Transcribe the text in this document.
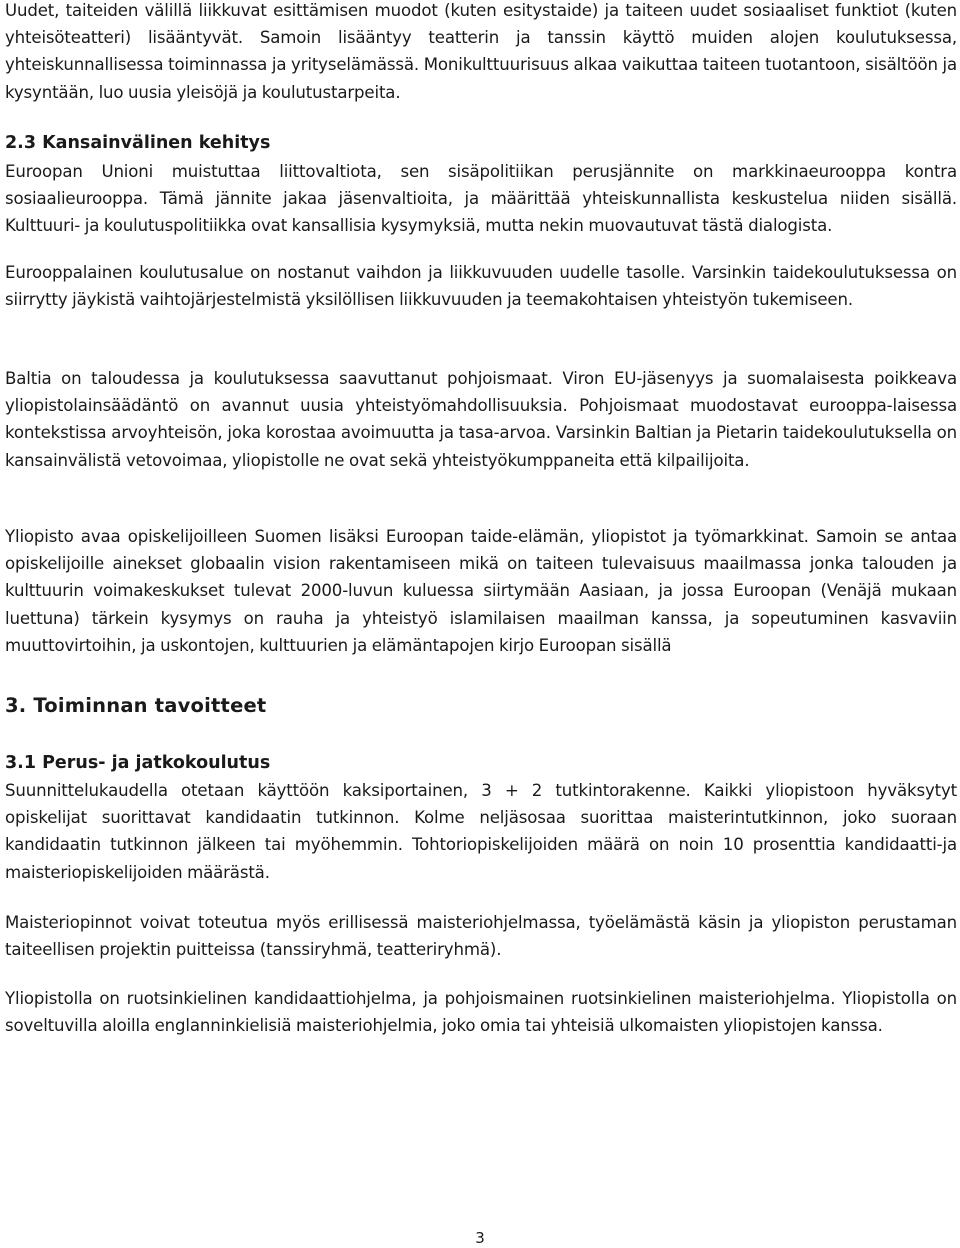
Uudet, taiteiden välillä liikkuvat esittämisen muodot (kuten esitystaide) ja taiteen uudet sosiaaliset funktiot (kuten yhteisöteatteri) lisääntyvät. Samoin lisääntyy teatterin ja tanssin käyttö muiden alojen koulutuksessa, yhteiskunnallisessa toiminnassa ja yrityselämässä. Monikulttuurisuus alkaa vaikuttaa taiteen tuotantoon, sisältöön ja kysyntään, luo uusia yleisöjä ja koulutustarpeita.

2.3 Kansainvälinen kehitys

Euroopan Unioni muistuttaa liittovaltiota, sen sisäpolitiikan perusjännite on markkinaeurooppa kontra sosiaalieurooppa. Tämä jännite jakaa jäsenvaltioita, ja määrittää yhteiskunnallista keskustelua niiden sisällä. Kulttuuri- ja koulutuspolitiikka ovat kansallisia kysymyksiä, mutta nekin muovautuvat tästä dialogista.

Eurooppalainen koulutusalue on nostanut vaihdon ja liikkuvuuden uudelle tasolle. Varsinkin taidekoulutuksessa on siirrytty jäykistä vaihtojärjestelmistä yksilöllisen liikkuvuuden ja teemakohtaisen yhteistyön tukemiseen.

Baltia on taloudessa ja koulutuksessa saavuttanut pohjoismaat. Viron EU-jäsenyys ja suomalaisesta poikkeava yliopistolainsäädäntö on avannut uusia yhteistyömahdollisuuksia. Pohjoismaat muodostavat eurooppa-laisessa kontekstissa arvoyhteisön, joka korostaa avoimuutta ja tasa-arvoa. Varsinkin Baltian ja Pietarin taidekoulutuksella on kansainvälistä vetovoimaa, yliopistolle ne ovat sekä yhteistyökumppaneita että kilpailijoita.

Yliopisto avaa opiskelijoilleen Suomen lisäksi Euroopan taide-elämän, yliopistot ja työmarkkinat. Samoin se antaa opiskelijoille ainekset globaalin vision rakentamiseen mikä on taiteen tulevaisuus maailmassa jonka talouden ja kulttuurin voimakeskukset tulevat 2000-luvun kuluessa siirtymään Aasiaan, ja jossa Euroopan (Venäjä mukaan luettuna) tärkein kysymys on rauha ja yhteistyö islamilaisen maailman kanssa, ja sopeutuminen kasvaviin muuttovirtoihin, ja uskontojen, kulttuurien ja elämäntapojen kirjo Euroopan sisällä

3. Toiminnan tavoitteet
3.1 Perus- ja jatkokoulutus

Suunnittelukaudella otetaan käyttöön kaksiportainen, 3 + 2 tutkintorakenne. Kaikki yliopistoon hyväksytyt opiskelijat suorittavat kandidaatin tutkinnon. Kolme neljäsosaa suorittaa maisterintutkinnon, joko suoraan kandidaatin tutkinnon jälkeen tai myöhemmin. Tohtoriopiskelijoiden määrä on noin 10 prosenttia kandidaatti-ja maisteriopiskelijoiden määrästä.

Maisteriopinnot voivat toteutua myös erillisessä maisteriohjelmassa, työelämästä käsin ja yliopiston perustaman taiteellisen projektin puitteissa (tanssiryhmä, teatteriryhmä).

Yliopistolla on ruotsinkielinen kandidaattiohjelma, ja pohjoismainen ruotsinkielinen maisteriohjelma. Yliopistolla on soveltuvilla aloilla englanninkielisiä maisteriohjelmia, joko omia tai yhteisiä ulkomaisten yliopistojen kanssa.

3
